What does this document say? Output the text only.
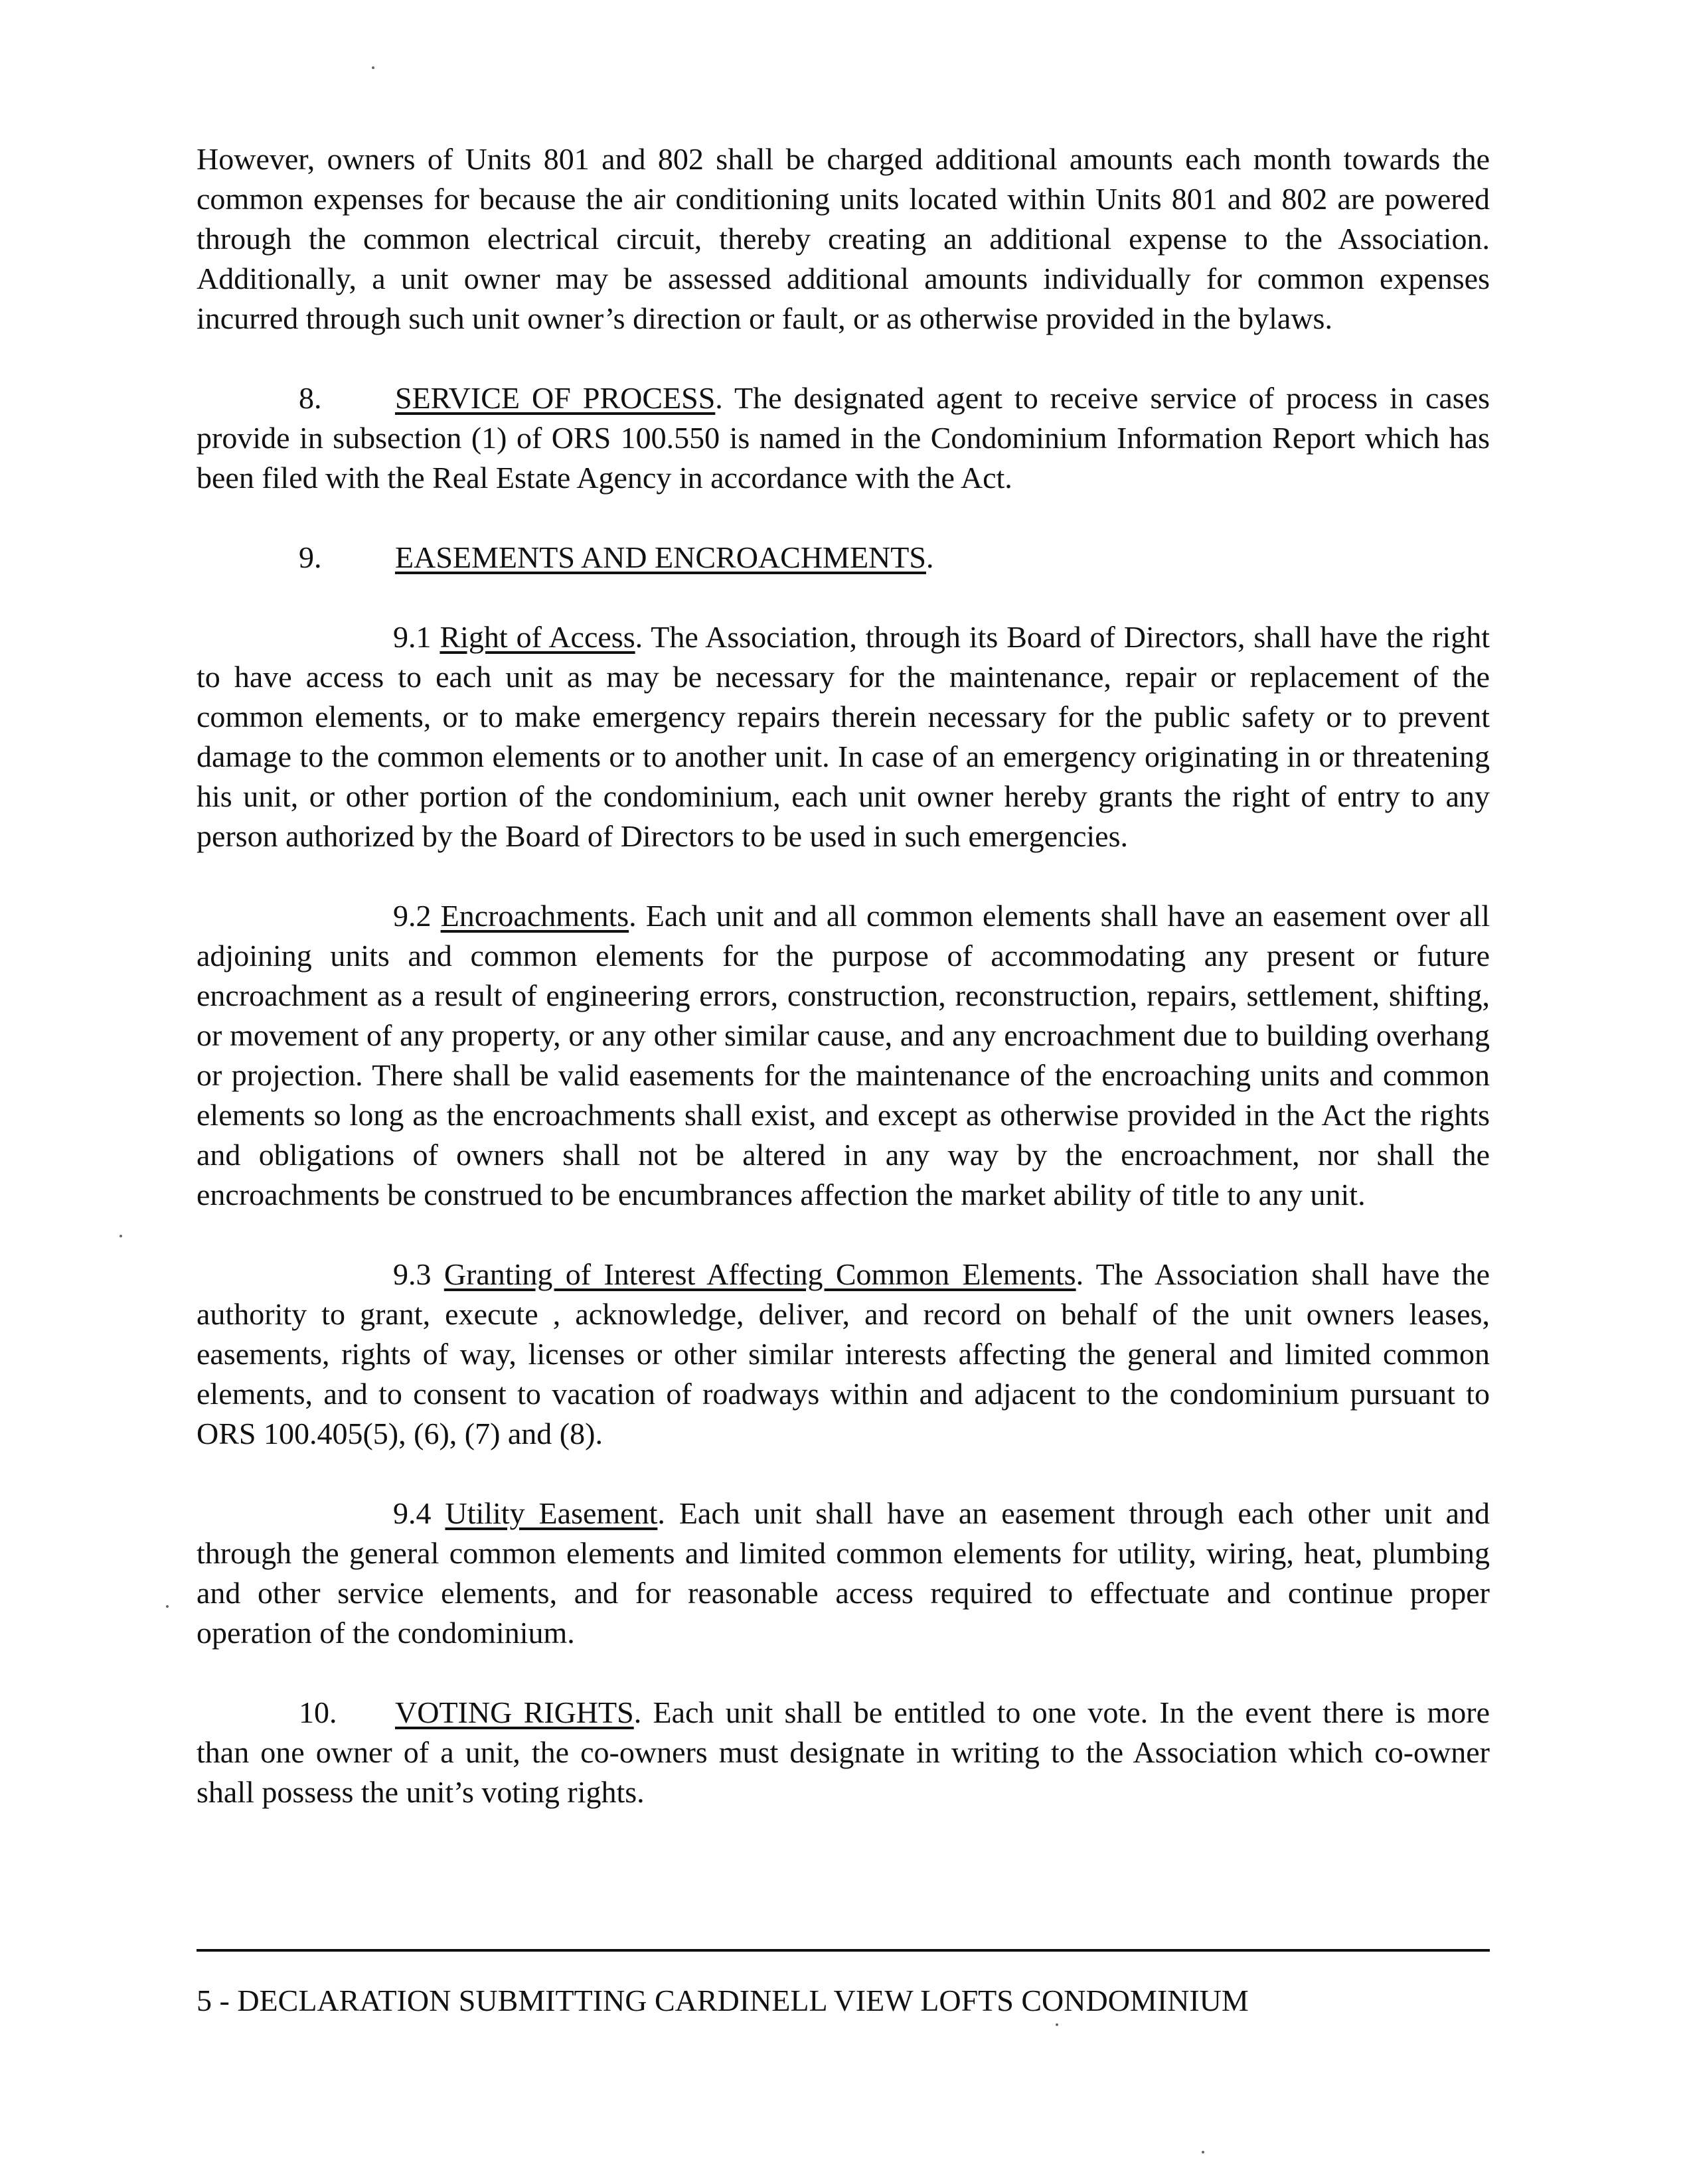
However, owners of Units 801 and 802 shall be charged additional amounts each month towards the common expenses for because the air conditioning units located within Units 801 and 802 are powered through the common electrical circuit, thereby creating an additional expense to the Association. Additionally, a unit owner may be assessed additional amounts individually for common expenses incurred through such unit owner’s direction or fault, or as otherwise provided in the bylaws.

8. SERVICE OF PROCESS. The designated agent to receive service of process in cases provide in subsection (1) of ORS 100.550 is named in the Condominium Information Report which has been filed with the Real Estate Agency in accordance with the Act.

9. EASEMENTS AND ENCROACHMENTS.

9.1 Right of Access. The Association, through its Board of Directors, shall have the right to have access to each unit as may be necessary for the maintenance, repair or replacement of the common elements, or to make emergency repairs therein necessary for the public safety or to prevent damage to the common elements or to another unit. In case of an emergency originating in or threatening his unit, or other portion of the condominium, each unit owner hereby grants the right of entry to any person authorized by the Board of Directors to be used in such emergencies.

9.2 Encroachments. Each unit and all common elements shall have an easement over all adjoining units and common elements for the purpose of accommodating any present or future encroachment as a result of engineering errors, construction, reconstruction, repairs, settlement, shifting, or movement of any property, or any other similar cause, and any encroachment due to building overhang or projection. There shall be valid easements for the maintenance of the encroaching units and common elements so long as the encroachments shall exist, and except as otherwise provided in the Act the rights and obligations of owners shall not be altered in any way by the encroachment, nor shall the encroachments be construed to be encumbrances affection the market ability of title to any unit.

9.3 Granting of Interest Affecting Common Elements. The Association shall have the authority to grant, execute , acknowledge, deliver, and record on behalf of the unit owners leases, easements, rights of way, licenses or other similar interests affecting the general and limited common elements, and to consent to vacation of roadways within and adjacent to the condominium pursuant to ORS 100.405(5), (6), (7) and (8).

9.4 Utility Easement. Each unit shall have an easement through each other unit and through the general common elements and limited common elements for utility, wiring, heat, plumbing and other service elements, and for reasonable access required to effectuate and continue proper operation of the condominium.

10. VOTING RIGHTS. Each unit shall be entitled to one vote. In the event there is more than one owner of a unit, the co-owners must designate in writing to the Association which co-owner shall possess the unit’s voting rights.

5 - DECLARATION SUBMITTING CARDINELL VIEW LOFTS CONDOMINIUM
